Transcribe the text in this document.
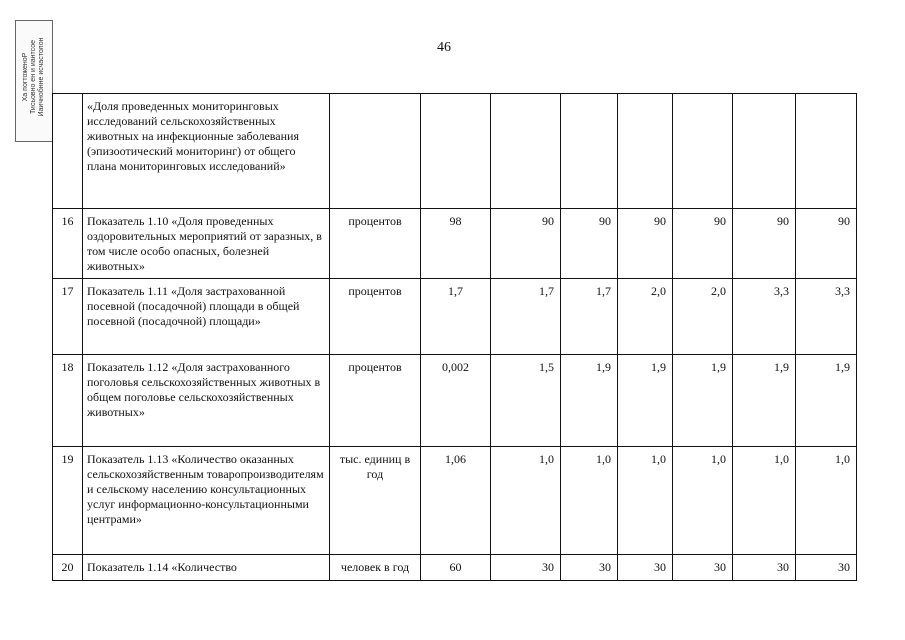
46
Ха погтоженоР Тисьовно ен и иантсое Иаичнобнне исчастолон
		«Доля проведенных мониторинговых исследований сельскохозяйственных животных на инфекционные заболевания (эпизоотический мониторинг) от общего плана мониторинговых исследований»								
16	Показатель 1.10 «Доля проведенных оздоровительных мероприятий от заразных, в том числе особо опасных, болезней животных»	процентов	98	90	90	90	90	90	90
17	Показатель 1.11 «Доля застрахованной посевной (посадочной) площади в общей посевной (посадочной) площади»	процентов	1,7	1,7	1,7	2,0	2,0	3,3	3,3
18	Показатель 1.12 «Доля застрахованного поголовья сельскохозяйственных животных в общем поголовье сельскохозяйственных животных»	процентов	0,002	1,5	1,9	1,9	1,9	1,9	1,9
19	Показатель 1.13 «Количество оказанных сельскохозяйственным товаропроизводителям и сельскому населению консультационных услуг информационно-консультационными центрами»	тыс. единиц в год	1,06	1,0	1,0	1,0	1,0	1,0	1,0
20	Показатель 1.14 «Количество	человек в год	60	30	30	30	30	30	30
